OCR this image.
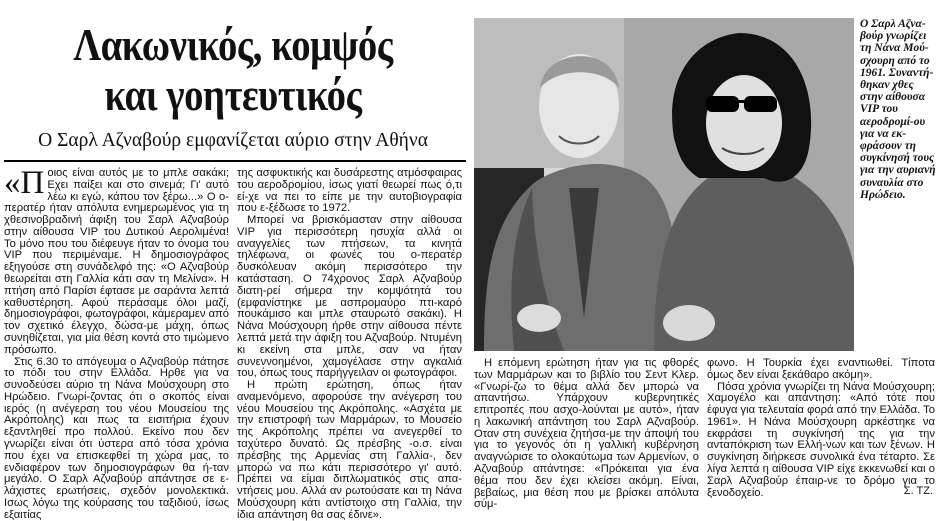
Λακωνικός, κομψός
και γοητευτικός
Ο Σαρλ Αζναβούρ εμφανίζεται αύριο στην Αθήνα

«Ποιος είναι αυτός με το μπλε σακάκι; Εχει παίξει και στο σινεμά; Γι' αυτό λέω κι εγώ, κάπου τον ξέρω...» Ο ο-περατέρ ήταν απόλυτα ενημερωμένος για τη χθεσινοβραδινή άφιξη του Σαρλ Αζναβούρ στην αίθουσα VIP του Δυτικού Αερολιμένα! Το μόνο που του διέφευγε ήταν το όνομα του VIP που περιμέναμε. Η δημοσιογράφος εξηγούσε στη συνάδελφό της: «Ο Αζναβούρ θεωρείται στη Γαλλία κάτι σαν τη Μελίνα». Η πτήση από Παρίσι έφτασε με σαράντα λεπτά καθυστέρηση. Αφού περάσαμε όλοι μαζί, δημοσιογράφοι, φωτογράφοι, κάμεραμεν από τον σχετικό έλεγχο, δώσα-με μάχη, όπως συνηθίζεται, για μία θέση κοντά στο τιμώμενο πρόσωπο.

Στις 6.30 το απόγευμα ο Αζναβούρ πάτησε το πόδι του στην Ελλάδα. Ηρθε για να συνοδεύσει αύριο τη Νάνα Μούσχουρη στο Ηρώδειο. Γνωρί-ζοντας ότι ο σκοπός είναι ιερός (η ανέγερση του νέου Μουσείου της Ακρόπολης) και πως τα εισιτήρια έχουν εξαντληθεί προ πολλού. Εκείνο που δεν γνωρίζει είναι ότι ύστερα από τόσα χρόνια που έχει να επισκεφθεί τη χώρα μας, το ενδιαφέρον των δημοσιογράφων θα ή-ταν μεγάλο. Ο Σαρλ Αζναβούρ απάντησε σε ε-λάχιστες ερωτήσεις, σχεδόν μονολεκτικά. Ισως λόγω της κούρασης του ταξιδιού, ίσως εξαιτίας

της ασφυκτικής και δυσάρεστης ατμόσφαιρας του αεροδρομίου, ίσως γιατί θεωρεί πως ό,τι εί-χε να πει το είπε με την αυτοβιογραφία που ε-ξέδωσε το 1972.

Μπορεί να βρισκόμασταν στην αίθουσα VIP για περισσότερη ησυχία αλλά οι αναγγελίες των πτήσεων, τα κινητά τηλέφωνα, οι φωνές του ο-περατέρ δυσκόλευαν ακόμη περισσότερο την κατάσταση. Ο 74χρονος Σαρλ Αζναβούρ διατη-ρεί σήμερα την κομψότητά του (εμφανίστηκε με ασπρομαύρο πτι-καρό πουκάμισο και μπλε σταυρωτό σακάκι). Η Νάνα Μούσχουρη ήρθε στην αίθουσα πέντε λεπτά μετά την άφιξη του Αζναβούρ. Ντυμένη κι εκείνη στα μπλε, σαν να ήταν συνεννοημένοι, χαμογέλασε στην αγκαλιά του, όπως τους παρήγγειλαν οι φωτογράφοι.

Η πρώτη ερώτηση, όπως ήταν αναμενόμενο, αφορούσε την ανέγερση του νέου Μουσείου της Ακρόπολης. «Ασχέτα με την επιστροφή των Μαρμάρων, το Μουσείο της Ακρόπολης πρέπει να ανεγερθεί το ταχύτερο δυνατό. Ως πρέσβης -ο.σ. είναι πρέσβης της Αρμενίας στη Γαλλία-, δεν μπορώ να πω κάτι περισσότερο γι' αυτό. Πρέπει να είμαι διπλωματικός στις απα-ντήσεις μου. Αλλά αν ρωτούσατε και τη Νάνα Μούσχουρη κάτι αντίστοιχο στη Γαλλία, την ίδια απάντηση θα σας έδινε».

Ο Σαρλ Αζνα-βούρ γνωρίζει τη Νάνα Μού-σχουρη από το 1961. Συναντή-θηκαν χθες στην αίθουσα VIP του αεροδρομί-ου για να εκ-φράσουν τη συγκίνησή τους για την αυριανή συναυλία στο Ηρώδειο.

Η επόμενη ερώτηση ήταν για τις φθορές των Μαρμάρων και το βιβλίο του Σεντ Κλερ. «Γνωρί-ζω το θέμα αλλά δεν μπορώ να απαντήσω. Υπάρχουν κυβερνητικές επιτροπές που ασχο-λούνται με αυτό», ήταν η λακωνική απάντηση του Σαρλ Αζναβούρ. Οταν στη συνέχεια ζητήσα-με την άποψή του για το γεγονός ότι η γαλλική κυβέρνηση αναγνώρισε το ολοκαύτωμα των Αρμενίων, ο Αζναβούρ απάντησε: «Πρόκειται για ένα θέμα που δεν έχει κλείσει ακόμη. Είναι, βεβαίως, μια θέση που με βρίσκει απόλυτα σύμ-

φωνο. Η Τουρκία έχει εναντιωθεί. Τίποτα όμως δεν είναι ξεκάθαρο ακόμη».

Πόσα χρόνια γνωρίζει τη Νάνα Μούσχουρη; Χαμογέλο και απάντηση: «Από τότε που έφυγα για τελευταία φορά από την Ελλάδα. Το 1961». Η Νάνα Μούσχουρη αρκέστηκε να εκφράσει τη συγκίνησή της για την ανταπόκριση των Ελλή-νων και των ξένων. Η συγκίνηση διήρκεσε συνολικά ένα τέταρτο. Σε λίγα λεπτά η αίθουσα VIP είχε εκκενωθεί και ο Σαρλ Αζναβούρ έπαιρ-νε το δρόμο για το ξενοδοχείο.	Σ. ΤΖ.
